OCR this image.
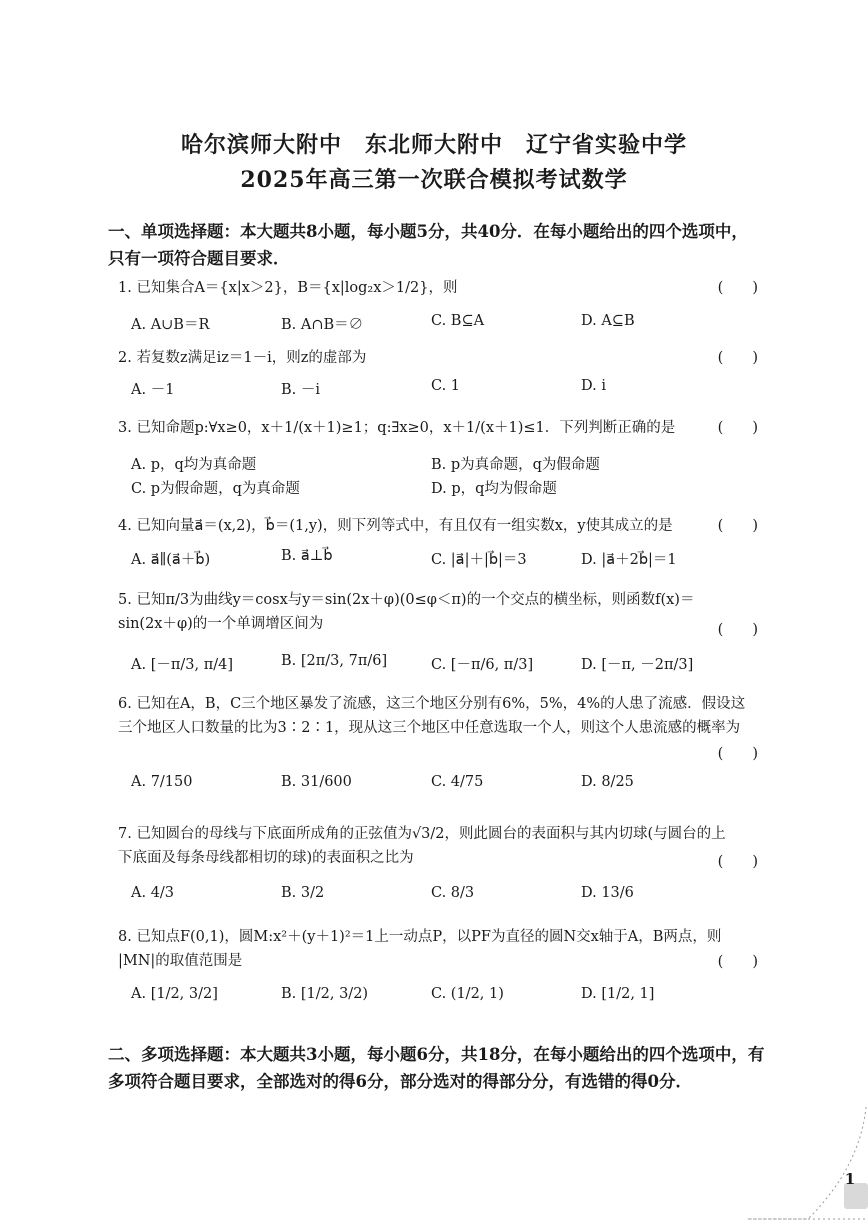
哈尔滨师大附中　东北师大附中　辽宁省实验中学
2025年高三第一次联合模拟考试数学
一、单项选择题：本大题共8小题，每小题5分，共40分．在每小题给出的四个选项中，
只有一项符合题目要求．
1. 已知集合A＝{x|x＞2}，B＝{x|log₂x＞1/2}，则	(　　)
A. A∪B＝R	B. A∩B＝∅	C. B⊆A	D. A⊆B
2. 若复数z满足iz＝1－i，则z的虚部为	(　　)
A. －1	B. －i	C. 1	D. i
3. 已知命题p:∀x≥0，x＋1/(x＋1)≥1；q:∃x≥0，x＋1/(x＋1)≤1．下列判断正确的是	(　　)
A. p，q均为真命题	B. p为真命题，q为假命题
C. p为假命题，q为真命题	D. p，q均为假命题
4. 已知向量a⃗＝(x,2)，b⃗＝(1,y)，则下列等式中，有且仅有一组实数x，y使其成立的是	(　　)
A. a⃗∥(a⃗＋b⃗)	B. a⃗⊥b⃗	C. |a⃗|＋|b⃗|＝3	D. |a⃗＋2b⃗|＝1
5. 已知π/3为曲线y＝cosx与y＝sin(2x＋φ)(0≤φ＜π)的一个交点的横坐标，则函数f(x)＝
sin(2x＋φ)的一个单调增区间为	(　　)
A. [－π/3, π/4]	B. [2π/3, 7π/6]	C. [－π/6, π/3]	D. [－π, －2π/3]
6. 已知在A，B，C三个地区暴发了流感，这三个地区分别有6%，5%，4%的人患了流感．假设这
三个地区人口数量的比为3∶2∶1，现从这三个地区中任意选取一个人，则这个人患流感的概率为
(　　)
A. 7/150	B. 31/600	C. 4/75	D. 8/25
7. 已知圆台的母线与下底面所成角的正弦值为√3/2，则此圆台的表面积与其内切球(与圆台的上
下底面及每条母线都相切的球)的表面积之比为	(　　)
A. 4/3	B. 3/2	C. 8/3	D. 13/6
8. 已知点F(0,1)，圆M:x²＋(y＋1)²＝1上一动点P，以PF为直径的圆N交x轴于A，B两点，则
|MN|的取值范围是	(　　)
A. [1/2, 3/2]	B. [1/2, 3/2)	C. (1/2, 1)	D. [1/2, 1]
二、多项选择题：本大题共3小题，每小题6分，共18分，在每小题给出的四个选项中，有
多项符合题目要求，全部选对的得6分，部分选对的得部分分，有选错的得0分．
1
